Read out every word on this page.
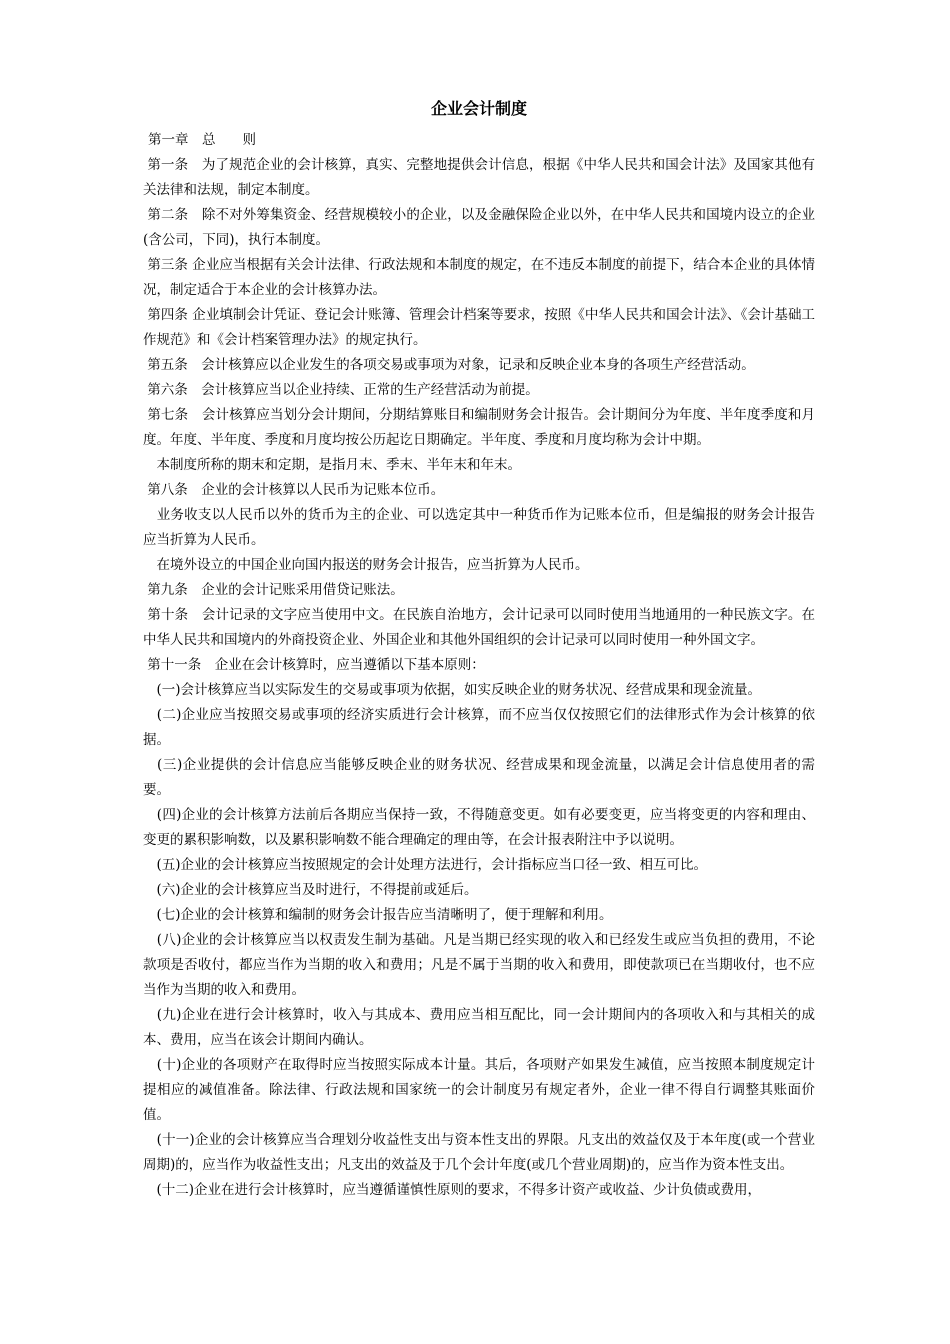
企业会计制度

第一章　总　　则

第一条　为了规范企业的会计核算，真实、完整地提供会计信息，根据《中华人民共和国会计法》及国家其他有关法律和法规，制定本制度。

第二条　除不对外筹集资金、经营规模较小的企业，以及金融保险企业以外，在中华人民共和国境内设立的企业(含公司，下同)，执行本制度。

第三条 企业应当根据有关会计法律、行政法规和本制度的规定，在不违反本制度的前提下，结合本企业的具体情况，制定适合于本企业的会计核算办法。

第四条 企业填制会计凭证、登记会计账簿、管理会计档案等要求，按照《中华人民共和国会计法》、《会计基础工作规范》和《会计档案管理办法》的规定执行。

第五条　会计核算应以企业发生的各项交易或事项为对象，记录和反映企业本身的各项生产经营活动。

第六条　会计核算应当以企业持续、正常的生产经营活动为前提。

第七条　会计核算应当划分会计期间，分期结算账目和编制财务会计报告。会计期间分为年度、半年度季度和月度。年度、半年度、季度和月度均按公历起讫日期确定。半年度、季度和月度均称为会计中期。

　本制度所称的期末和定期，是指月末、季末、半年末和年末。

第八条　企业的会计核算以人民币为记账本位币。

　业务收支以人民币以外的货币为主的企业、可以选定其中一种货币作为记账本位币，但是编报的财务会计报告应当折算为人民币。

　在境外设立的中国企业向国内报送的财务会计报告，应当折算为人民币。

第九条　企业的会计记账采用借贷记账法。

第十条　会计记录的文字应当使用中文。在民族自治地方，会计记录可以同时使用当地通用的一种民族文字。在中华人民共和国境内的外商投资企业、外国企业和其他外国组织的会计记录可以同时使用一种外国文字。

第十一条　企业在会计核算时，应当遵循以下基本原则：

　(一)会计核算应当以实际发生的交易或事项为依据，如实反映企业的财务状况、经营成果和现金流量。

　(二)企业应当按照交易或事项的经济实质进行会计核算，而不应当仅仅按照它们的法律形式作为会计核算的依据。

　(三)企业提供的会计信息应当能够反映企业的财务状况、经营成果和现金流量，以满足会计信息使用者的需要。

　(四)企业的会计核算方法前后各期应当保持一致，不得随意变更。如有必要变更，应当将变更的内容和理由、变更的累积影响数，以及累积影响数不能合理确定的理由等，在会计报表附注中予以说明。

　(五)企业的会计核算应当按照规定的会计处理方法进行，会计指标应当口径一致、相互可比。

　(六)企业的会计核算应当及时进行，不得提前或延后。

　(七)企业的会计核算和编制的财务会计报告应当清晰明了，便于理解和利用。

　(八)企业的会计核算应当以权责发生制为基础。凡是当期已经实现的收入和已经发生或应当负担的费用，不论款项是否收付，都应当作为当期的收入和费用；凡是不属于当期的收入和费用，即使款项已在当期收付，也不应当作为当期的收入和费用。

　(九)企业在进行会计核算时，收入与其成本、费用应当相互配比，同一会计期间内的各项收入和与其相关的成本、费用，应当在该会计期间内确认。

　(十)企业的各项财产在取得时应当按照实际成本计量。其后，各项财产如果发生减值，应当按照本制度规定计提相应的减值准备。除法律、行政法规和国家统一的会计制度另有规定者外，企业一律不得自行调整其账面价值。

　(十一)企业的会计核算应当合理划分收益性支出与资本性支出的界限。凡支出的效益仅及于本年度(或一个营业周期)的，应当作为收益性支出；凡支出的效益及于几个会计年度(或几个营业周期)的，应当作为资本性支出。

　(十二)企业在进行会计核算时，应当遵循谨慎性原则的要求，不得多计资产或收益、少计负债或费用，
